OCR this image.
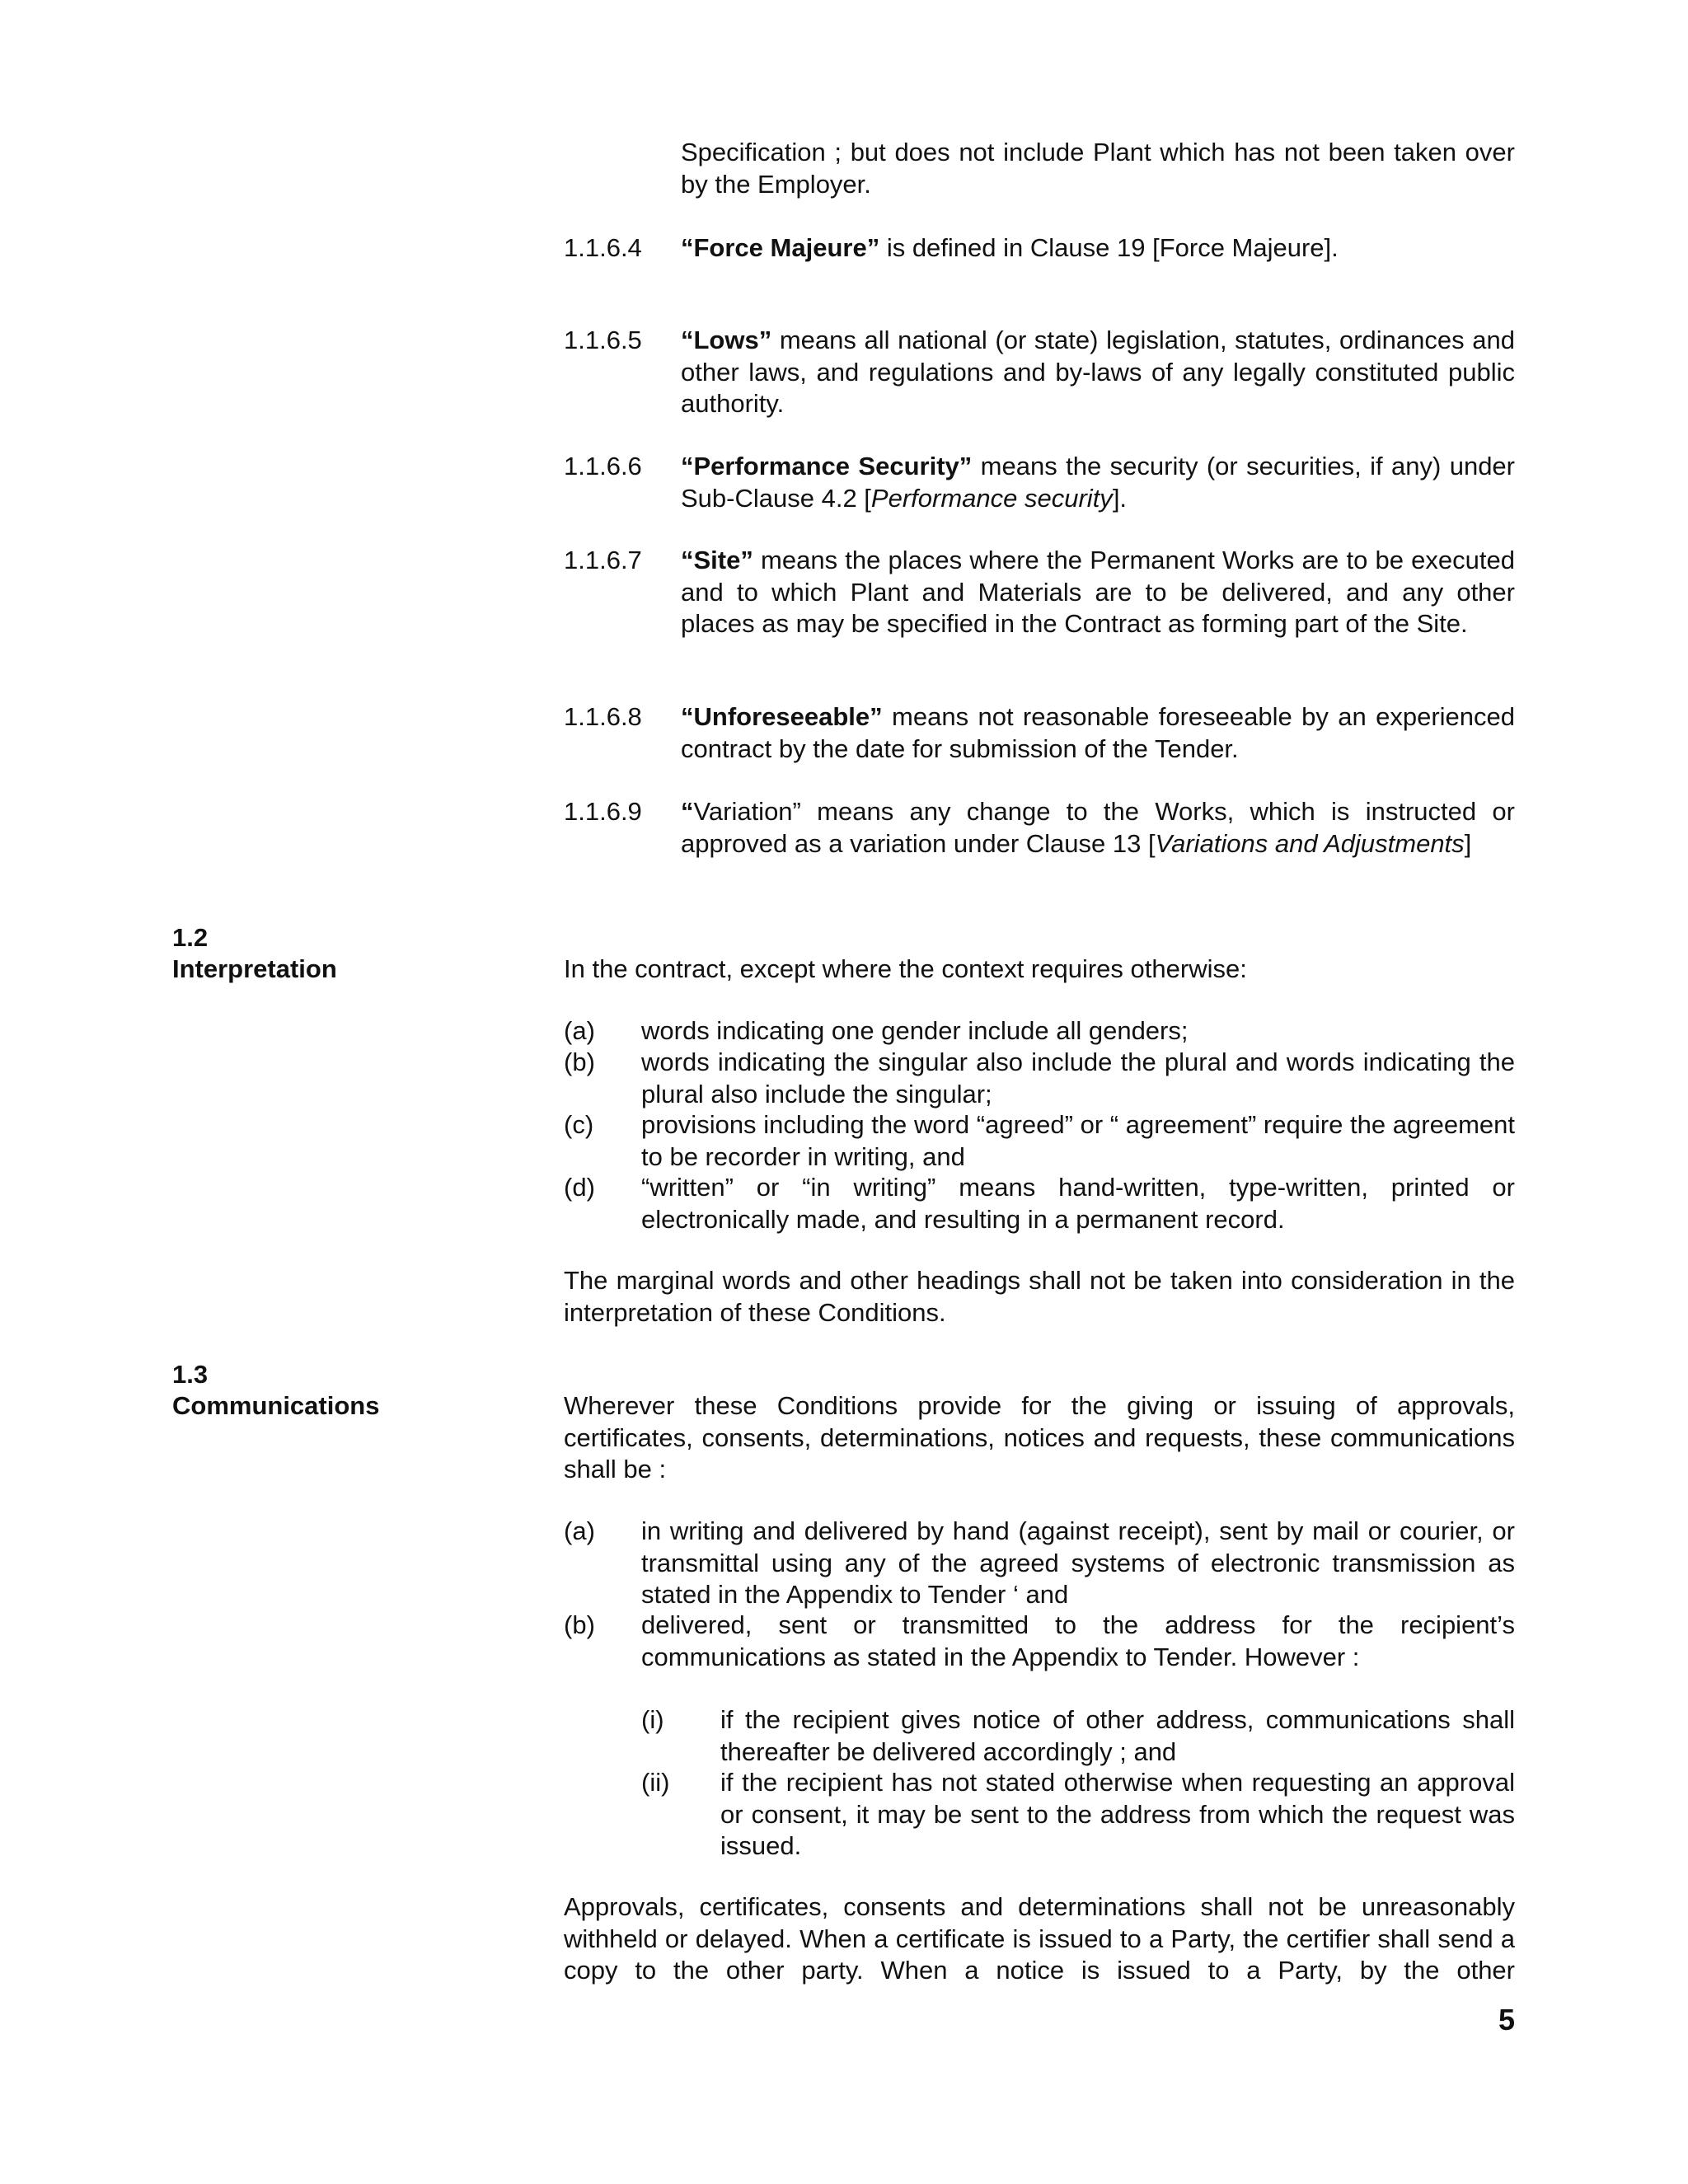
Specification ; but does not include Plant which has not been taken over by the Employer.

1.1.6.4	“Force Majeure” is defined in Clause 19 [Force Majeure].

1.1.6.5	“Lows” means all national (or state) legislation, statutes, ordinances and other laws, and regulations and by-laws of any legally constituted public authority.

1.1.6.6	“Performance Security” means the security (or securities, if any) under Sub-Clause 4.2 [Performance security].

1.1.6.7	“Site” means the places where the Permanent Works are to be executed and to which Plant and Materials are to be delivered, and any other places as may be specified in the Contract as forming part of the Site.

1.1.6.8	“Unforeseeable” means not reasonable foreseeable by an experienced contract by the date for submission of the Tender.

1.1.6.9	“Variation” means any change to the Works, which is instructed or approved as a variation under Clause 13 [Variations and Adjustments]

1.2

Interpretation	In the contract, except where the context requires otherwise:

(a)	words indicating one gender include all genders;

(b)	words indicating the singular also include the plural and words indicating the plural also include the singular;

(c)	provisions including the word “agreed” or “ agreement” require the agreement to be recorder in writing, and

(d)	“written” or “in writing” means hand-written, type-written, printed or electronically made, and resulting in a permanent record.

The marginal words and other headings shall not be taken into consideration in the interpretation of these Conditions.

1.3

Communications	Wherever these Conditions provide for the giving or issuing of approvals, certificates, consents, determinations, notices and requests, these communications shall be :

(a)	in writing and delivered by hand (against receipt), sent by mail or courier, or transmittal using any of the agreed systems of electronic transmission as stated in the Appendix to Tender ‘ and

(b)	delivered, sent or transmitted to the address for the recipient’s communications as stated in the Appendix to Tender. However :

(i)	if the recipient gives notice of other address, communications shall thereafter be delivered accordingly ; and

(ii)	if the recipient has not stated otherwise when requesting an approval or consent, it may be sent to the address from which the request was issued.

Approvals, certificates, consents and determinations shall not be unreasonably withheld or delayed. When a certificate is issued to a Party, the certifier shall send a copy to the other party. When a notice is issued to a Party, by the other

5
